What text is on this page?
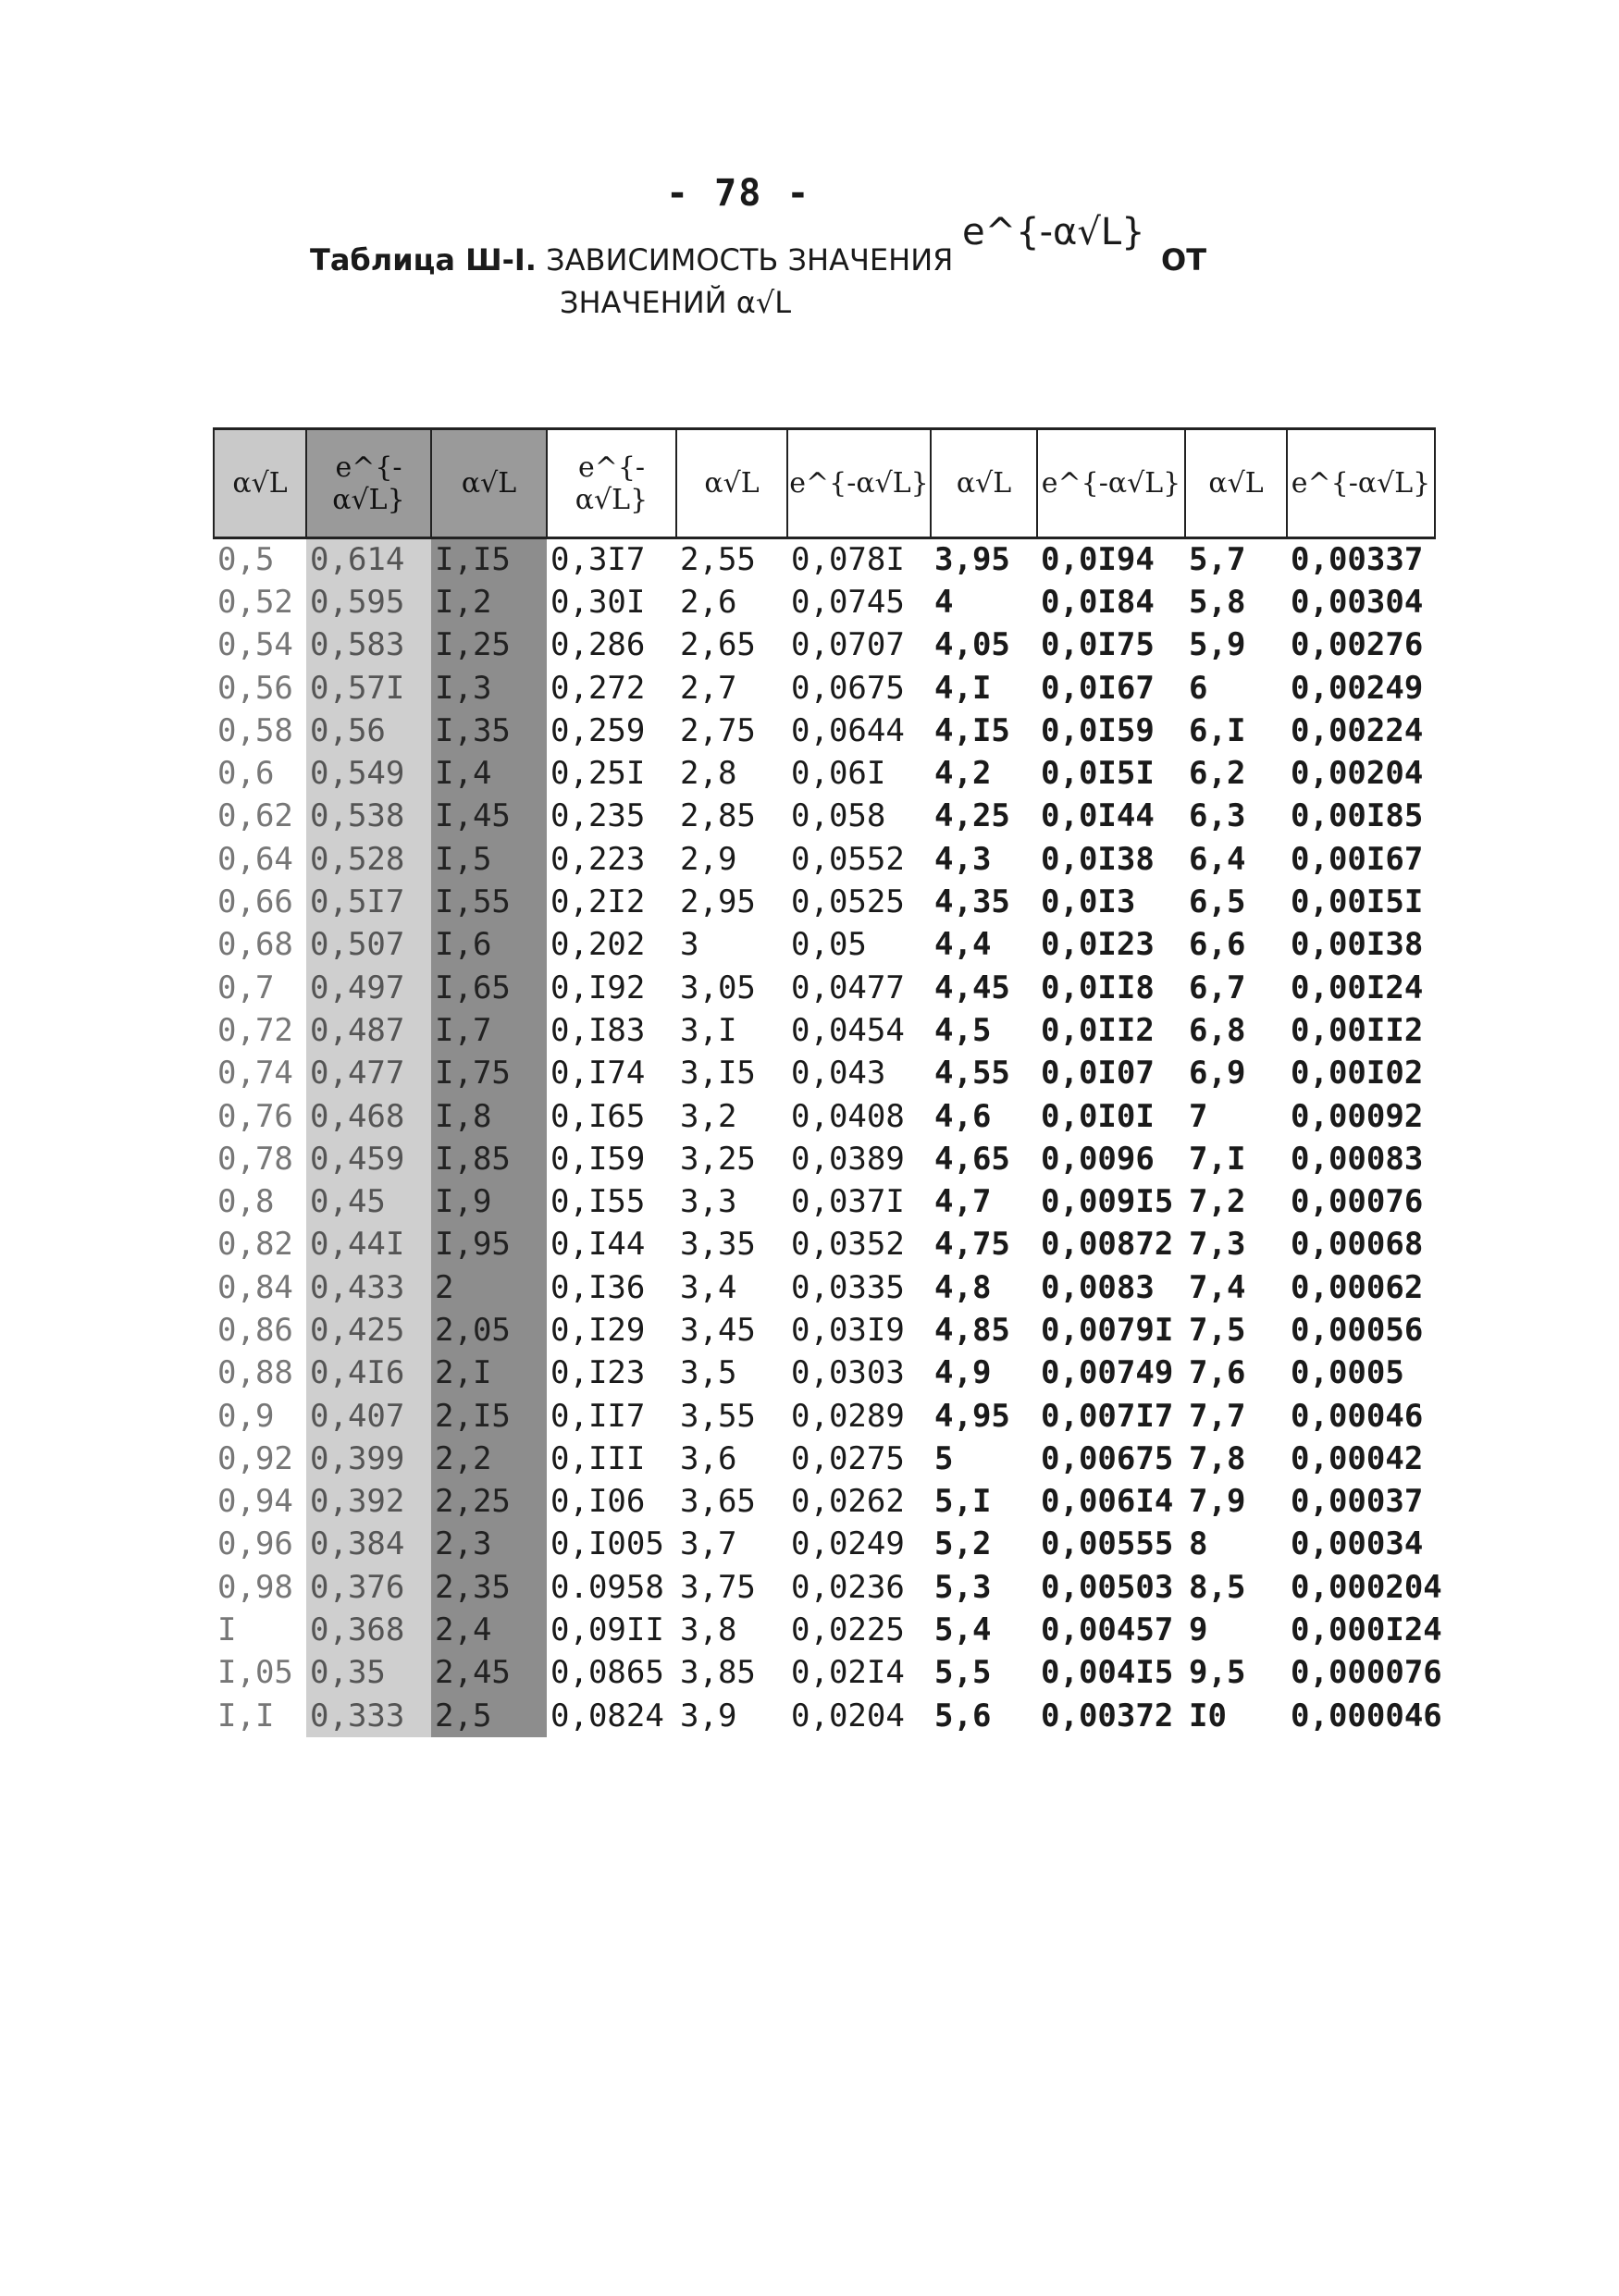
- 78 -
Таблица Ш-I. ЗАВИСИМОСТЬ ЗНАЧЕНИЯ
e^{-α√L}
ОТ
ЗНАЧЕНИЙ α√L
α√L	e^{-α√L}	α√L	e^{-α√L}	α√L	e^{-α√L}	α√L	e^{-α√L}	α√L	e^{-α√L}
0,5	0,614	I,I5	0,3I7	2,55	0,078I	3,95	0,0I94	5,7	0,00337
0,52	0,595	I,2	0,30I	2,6	0,0745	4	0,0I84	5,8	0,00304
0,54	0,583	I,25	0,286	2,65	0,0707	4,05	0,0I75	5,9	0,00276
0,56	0,57I	I,3	0,272	2,7	0,0675	4,I	0,0I67	6	0,00249
0,58	0,56	I,35	0,259	2,75	0,0644	4,I5	0,0I59	6,I	0,00224
0,6	0,549	I,4	0,25I	2,8	0,06I	4,2	0,0I5I	6,2	0,00204
0,62	0,538	I,45	0,235	2,85	0,058	4,25	0,0I44	6,3	0,00I85
0,64	0,528	I,5	0,223	2,9	0,0552	4,3	0,0I38	6,4	0,00I67
0,66	0,5I7	I,55	0,2I2	2,95	0,0525	4,35	0,0I3	6,5	0,00I5I
0,68	0,507	I,6	0,202	3	0,05	4,4	0,0I23	6,6	0,00I38
0,7	0,497	I,65	0,I92	3,05	0,0477	4,45	0,0II8	6,7	0,00I24
0,72	0,487	I,7	0,I83	3,I	0,0454	4,5	0,0II2	6,8	0,00II2
0,74	0,477	I,75	0,I74	3,I5	0,043	4,55	0,0I07	6,9	0,00I02
0,76	0,468	I,8	0,I65	3,2	0,0408	4,6	0,0I0I	7	0,00092
0,78	0,459	I,85	0,I59	3,25	0,0389	4,65	0,0096	7,I	0,00083
0,8	0,45	I,9	0,I55	3,3	0,037I	4,7	0,009I5	7,2	0,00076
0,82	0,44I	I,95	0,I44	3,35	0,0352	4,75	0,00872	7,3	0,00068
0,84	0,433	2	0,I36	3,4	0,0335	4,8	0,0083	7,4	0,00062
0,86	0,425	2,05	0,I29	3,45	0,03I9	4,85	0,0079I	7,5	0,00056
0,88	0,4I6	2,I	0,I23	3,5	0,0303	4,9	0,00749	7,6	0,0005
0,9	0,407	2,I5	0,II7	3,55	0,0289	4,95	0,007I7	7,7	0,00046
0,92	0,399	2,2	0,III	3,6	0,0275	5	0,00675	7,8	0,00042
0,94	0,392	2,25	0,I06	3,65	0,0262	5,I	0,006I4	7,9	0,00037
0,96	0,384	2,3	0,I005	3,7	0,0249	5,2	0,00555	8	0,00034
0,98	0,376	2,35	0.0958	3,75	0,0236	5,3	0,00503	8,5	0,000204
I	0,368	2,4	0,09II	3,8	0,0225	5,4	0,00457	9	0,000I24
I,05	0,35	2,45	0,0865	3,85	0,02I4	5,5	0,004I5	9,5	0,000076
I,I	0,333	2,5	0,0824	3,9	0,0204	5,6	0,00372	I0	0,000046
